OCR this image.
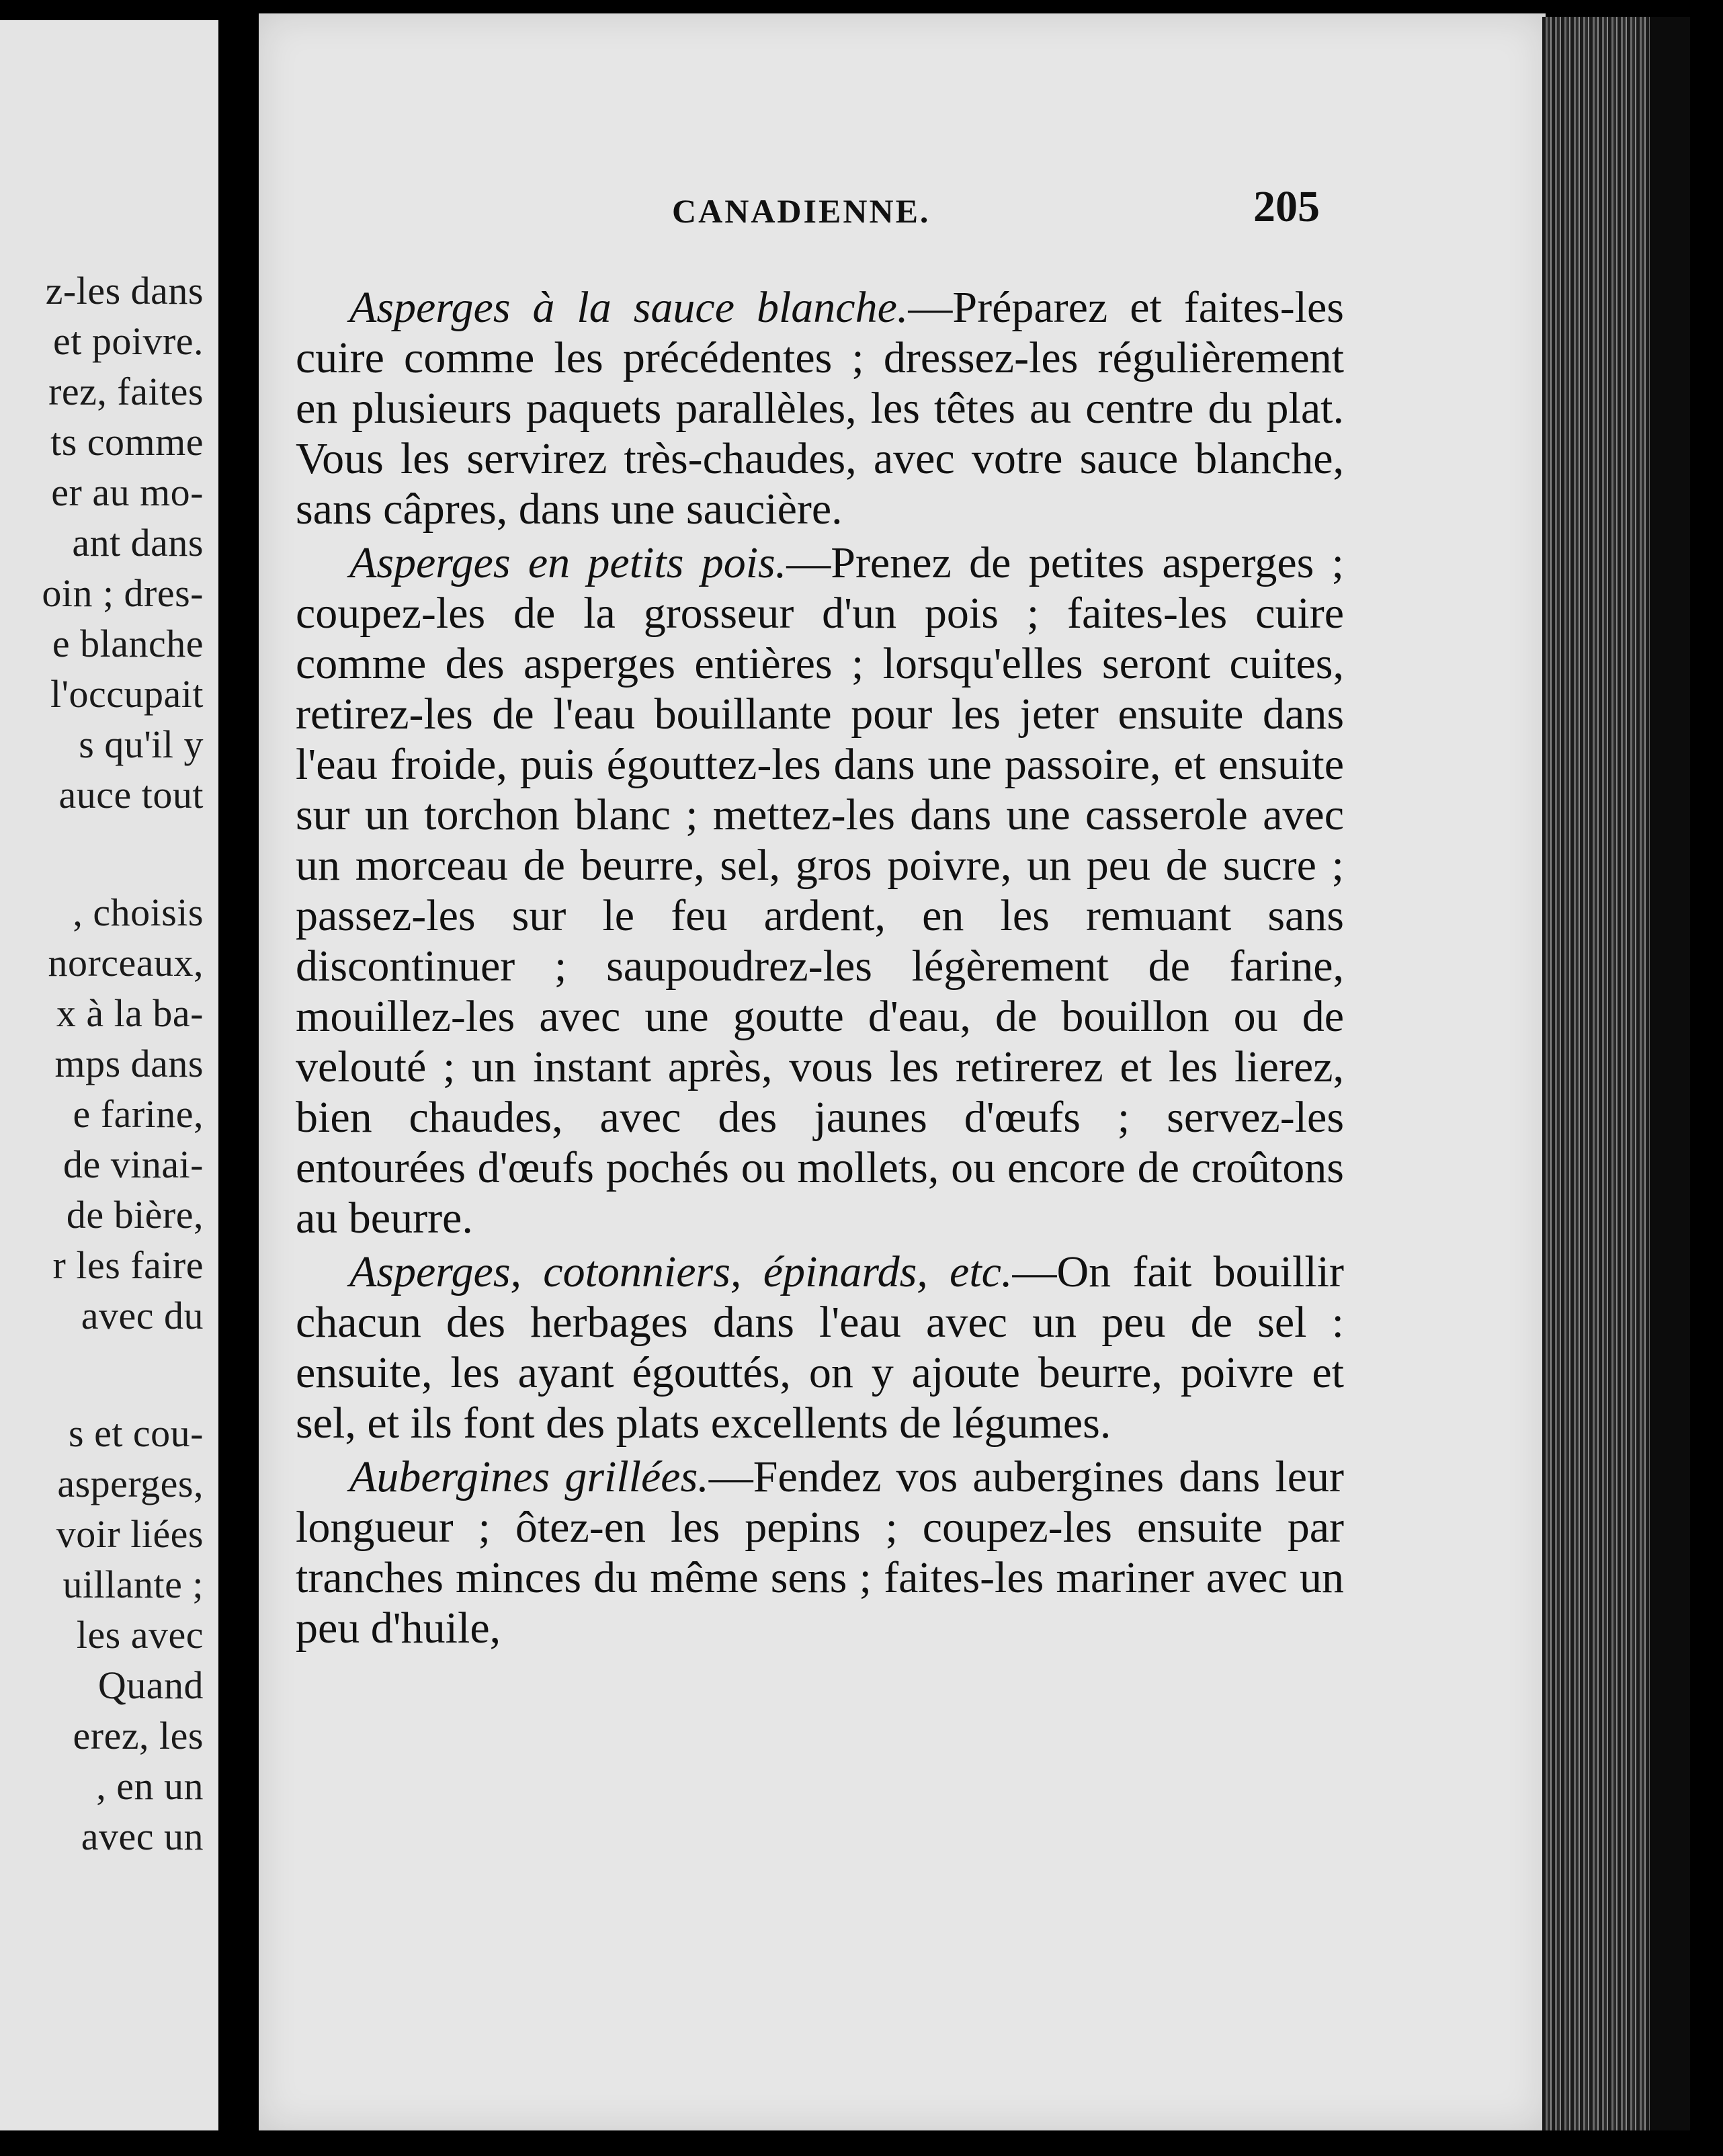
z-les dans
et poivre.
rez, faites
ts comme
er au mo-
ant dans
oin ; dres-
e blanche
l'occupait
s qu'il y
auce tout
, choisis
norceaux,
x à la ba-
mps dans
e farine,
de vinai-
de bière,
r les faire
avec du
s et cou-
asperges,
voir liées
uillante ;
les avec
Quand
erez, les
, en un
avec un
CANADIENNE.	205

Asperges à la sauce blanche.—Préparez et faites-les cuire comme les précédentes ; dressez-les régulièrement en plusieurs paquets parallèles, les têtes au centre du plat. Vous les servirez très-chaudes, avec votre sauce blanche, sans câpres, dans une saucière.

Asperges en petits pois.—Prenez de petites asperges ; coupez-les de la grosseur d'un pois ; faites-les cuire comme des asperges entières ; lorsqu'elles seront cuites, retirez-les de l'eau bouillante pour les jeter ensuite dans l'eau froide, puis égouttez-les dans une passoire, et ensuite sur un torchon blanc ; mettez-les dans une casserole avec un morceau de beurre, sel, gros poivre, un peu de sucre ; passez-les sur le feu ardent, en les remuant sans discontinuer ; saupoudrez-les légèrement de farine, mouillez-les avec une goutte d'eau, de bouillon ou de velouté ; un instant après, vous les retirerez et les lierez, bien chaudes, avec des jaunes d'œufs ; servez-les entourées d'œufs pochés ou mollets, ou encore de croûtons au beurre.

Asperges, cotonniers, épinards, etc.—On fait bouillir chacun des herbages dans l'eau avec un peu de sel : ensuite, les ayant égouttés, on y ajoute beurre, poivre et sel, et ils font des plats excellents de légumes.

Aubergines grillées.—Fendez vos aubergines dans leur longueur ; ôtez-en les pepins ; coupez-les ensuite par tranches minces du même sens ; faites-les mariner avec un peu d'huile,
